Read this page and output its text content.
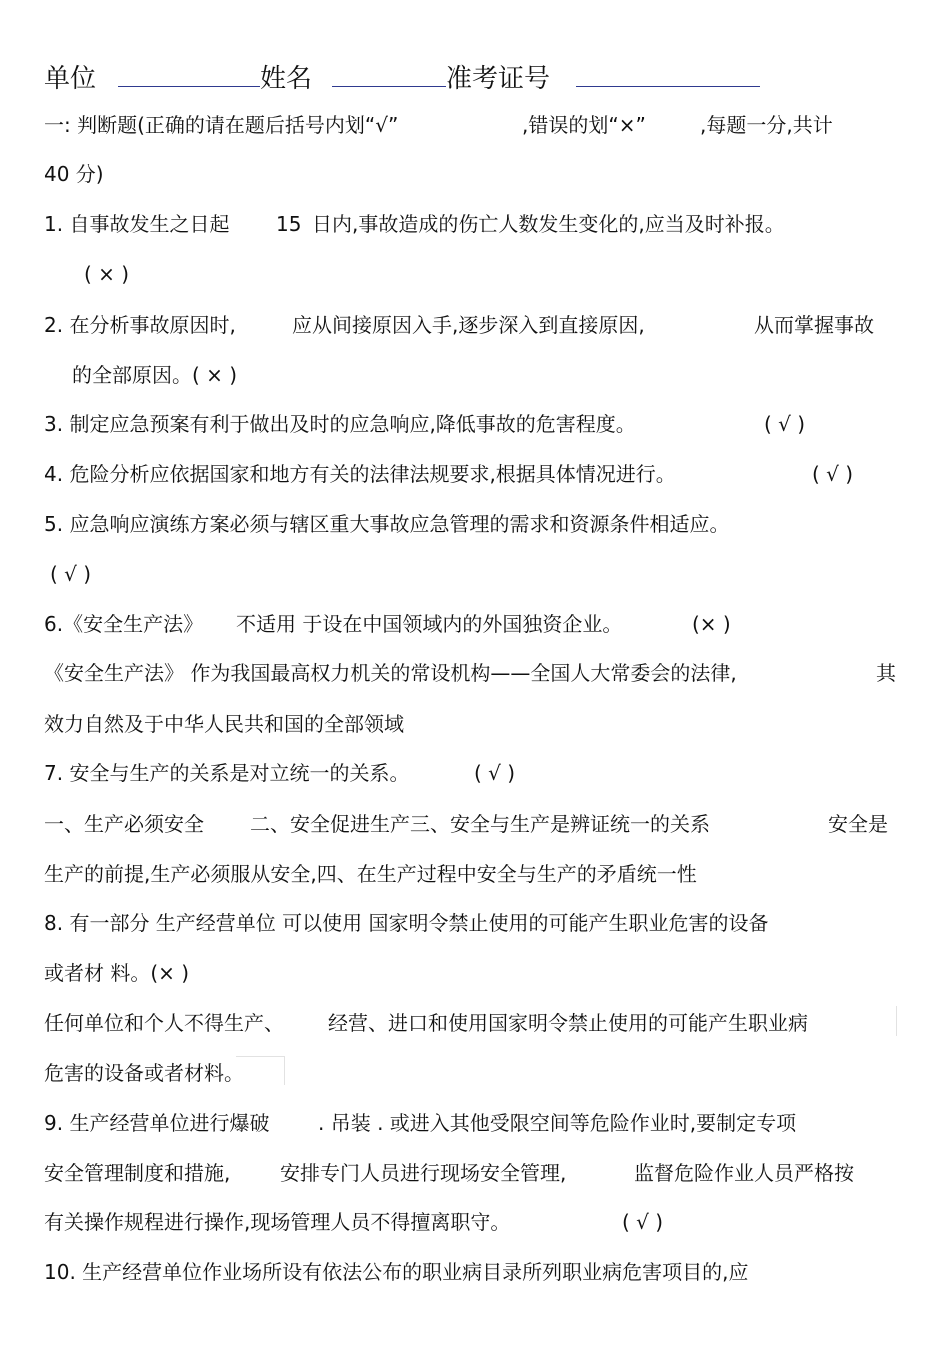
单位	姓名	准考证号
一: 判断题(正确的请在题后括号内划“√”	,错误的划“×”	,每题一分,共计
40 分)
1. 自事故发生之日起 15 日内,事故造成的伤亡人数发生变化的,应当及时补报。
( × )
2. 在分析事故原因时,	应从间接原因入手,逐步深入到直接原因,	从而掌握事故
的全部原因。( × )
3. 制定应急预案有利于做出及时的应急响应,降低事故的危害程度。	( √ )
4. 危险分析应依据国家和地方有关的法律法规要求,根据具体情况进行。	( √ )
5. 应急响应演练方案必须与辖区重大事故应急管理的需求和资源条件相适应。
( √ )
6.《安全生产法》 不适用 于设在中国领域内的外国独资企业。	(× )
《安全生产法》 作为我国最高权力机关的常设机构——全国人大常委会的法律,	其
效力自然及于中华人民共和国的全部领域
7. 安全与生产的关系是对立统一的关系。	( √ )
一、生产必须安全 二、安全促进生产三、安全与生产是辨证统一的关系	安全是
生产的前提,生产必须服从安全,四、在生产过程中安全与生产的矛盾统一性
8. 有一部分 生产经营单位 可以使用 国家明令禁止使用的可能产生职业危害的设备
或者材 料。(× )
任何单位和个人不得生产、 经营、进口和使用国家明令禁止使用的可能产生职业病
危害的设备或者材料。
9. 生产经营单位进行爆破 . 吊装 . 或进入其他受限空间等危险作业时,要制定专项
安全管理制度和措施, 安排专门人员进行现场安全管理,	监督危险作业人员严格按
有关操作规程进行操作,现场管理人员不得擅离职守。	( √ )
10. 生产经营单位作业场所设有依法公布的职业病目录所列职业病危害项目的,应
